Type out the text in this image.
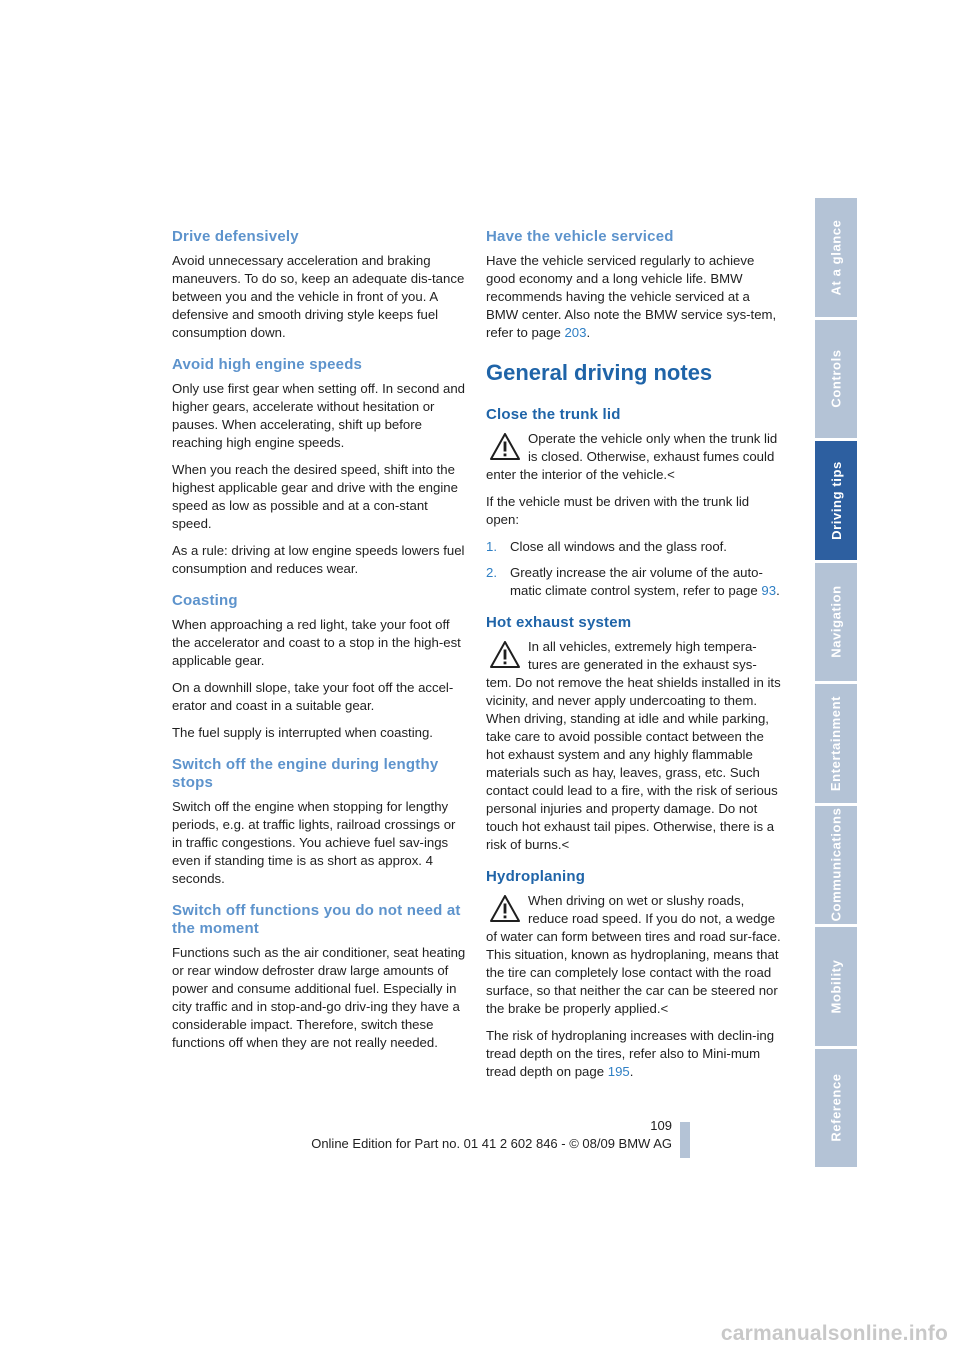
Drive defensively

Avoid unnecessary acceleration and braking maneuvers. To do so, keep an adequate dis-tance between you and the vehicle in front of you. A defensive and smooth driving style keeps fuel consumption down.

Avoid high engine speeds

Only use first gear when setting off. In second and higher gears, accelerate without hesitation or pauses. When accelerating, shift up before reaching high engine speeds.

When you reach the desired speed, shift into the highest applicable gear and drive with the engine speed as low as possible and at a con-stant speed.

As a rule: driving at low engine speeds lowers fuel consumption and reduces wear.

Coasting

When approaching a red light, take your foot off the accelerator and coast to a stop in the high-est applicable gear.

On a downhill slope, take your foot off the accel-erator and coast in a suitable gear.

The fuel supply is interrupted when coasting.

Switch off the engine during lengthy stops

Switch off the engine when stopping for lengthy periods, e.g. at traffic lights, railroad crossings or in traffic congestions. You achieve fuel sav-ings even if standing time is as short as approx. 4 seconds.

Switch off functions you do not need at the moment

Functions such as the air conditioner, seat heating or rear window defroster draw large amounts of power and consume additional fuel. Especially in city traffic and in stop-and-go driv-ing they have a considerable impact. Therefore, switch these functions off when they are not really needed.

Have the vehicle serviced

Have the vehicle serviced regularly to achieve good economy and a long vehicle life. BMW recommends having the vehicle serviced at a BMW center. Also note the BMW service sys-tem, refer to page 203.

General driving notes
Close the trunk lid

Operate the vehicle only when the trunk lid is closed. Otherwise, exhaust fumes could enter the interior of the vehicle.<

If the vehicle must be driven with the trunk lid open:

1. Close all windows and the glass roof.
2. Greatly increase the air volume of the auto-matic climate control system, refer to page 93.
Hot exhaust system

In all vehicles, extremely high tempera-tures are generated in the exhaust sys-tem. Do not remove the heat shields installed in its vicinity, and never apply undercoating to them. When driving, standing at idle and while parking, take care to avoid possible contact between the hot exhaust system and any highly flammable materials such as hay, leaves, grass, etc. Such contact could lead to a fire, with the risk of serious personal injuries and property damage. Do not touch hot exhaust tail pipes. Otherwise, there is a risk of burns.<

Hydroplaning

When driving on wet or slushy roads, reduce road speed. If you do not, a wedge of water can form between tires and road sur-face. This situation, known as hydroplaning, means that the tire can completely lose contact with the road surface, so that neither the car can be steered nor the brake be properly applied.<

The risk of hydroplaning increases with declin-ing tread depth on the tires, refer also to Mini-mum tread depth on page 195.

At a glance
Controls
Driving tips
Navigation
Entertainment
Communications
Mobility
Reference
109
Online Edition for Part no. 01 41 2 602 846 - © 08/09 BMW AG
carmanualsonline.info
